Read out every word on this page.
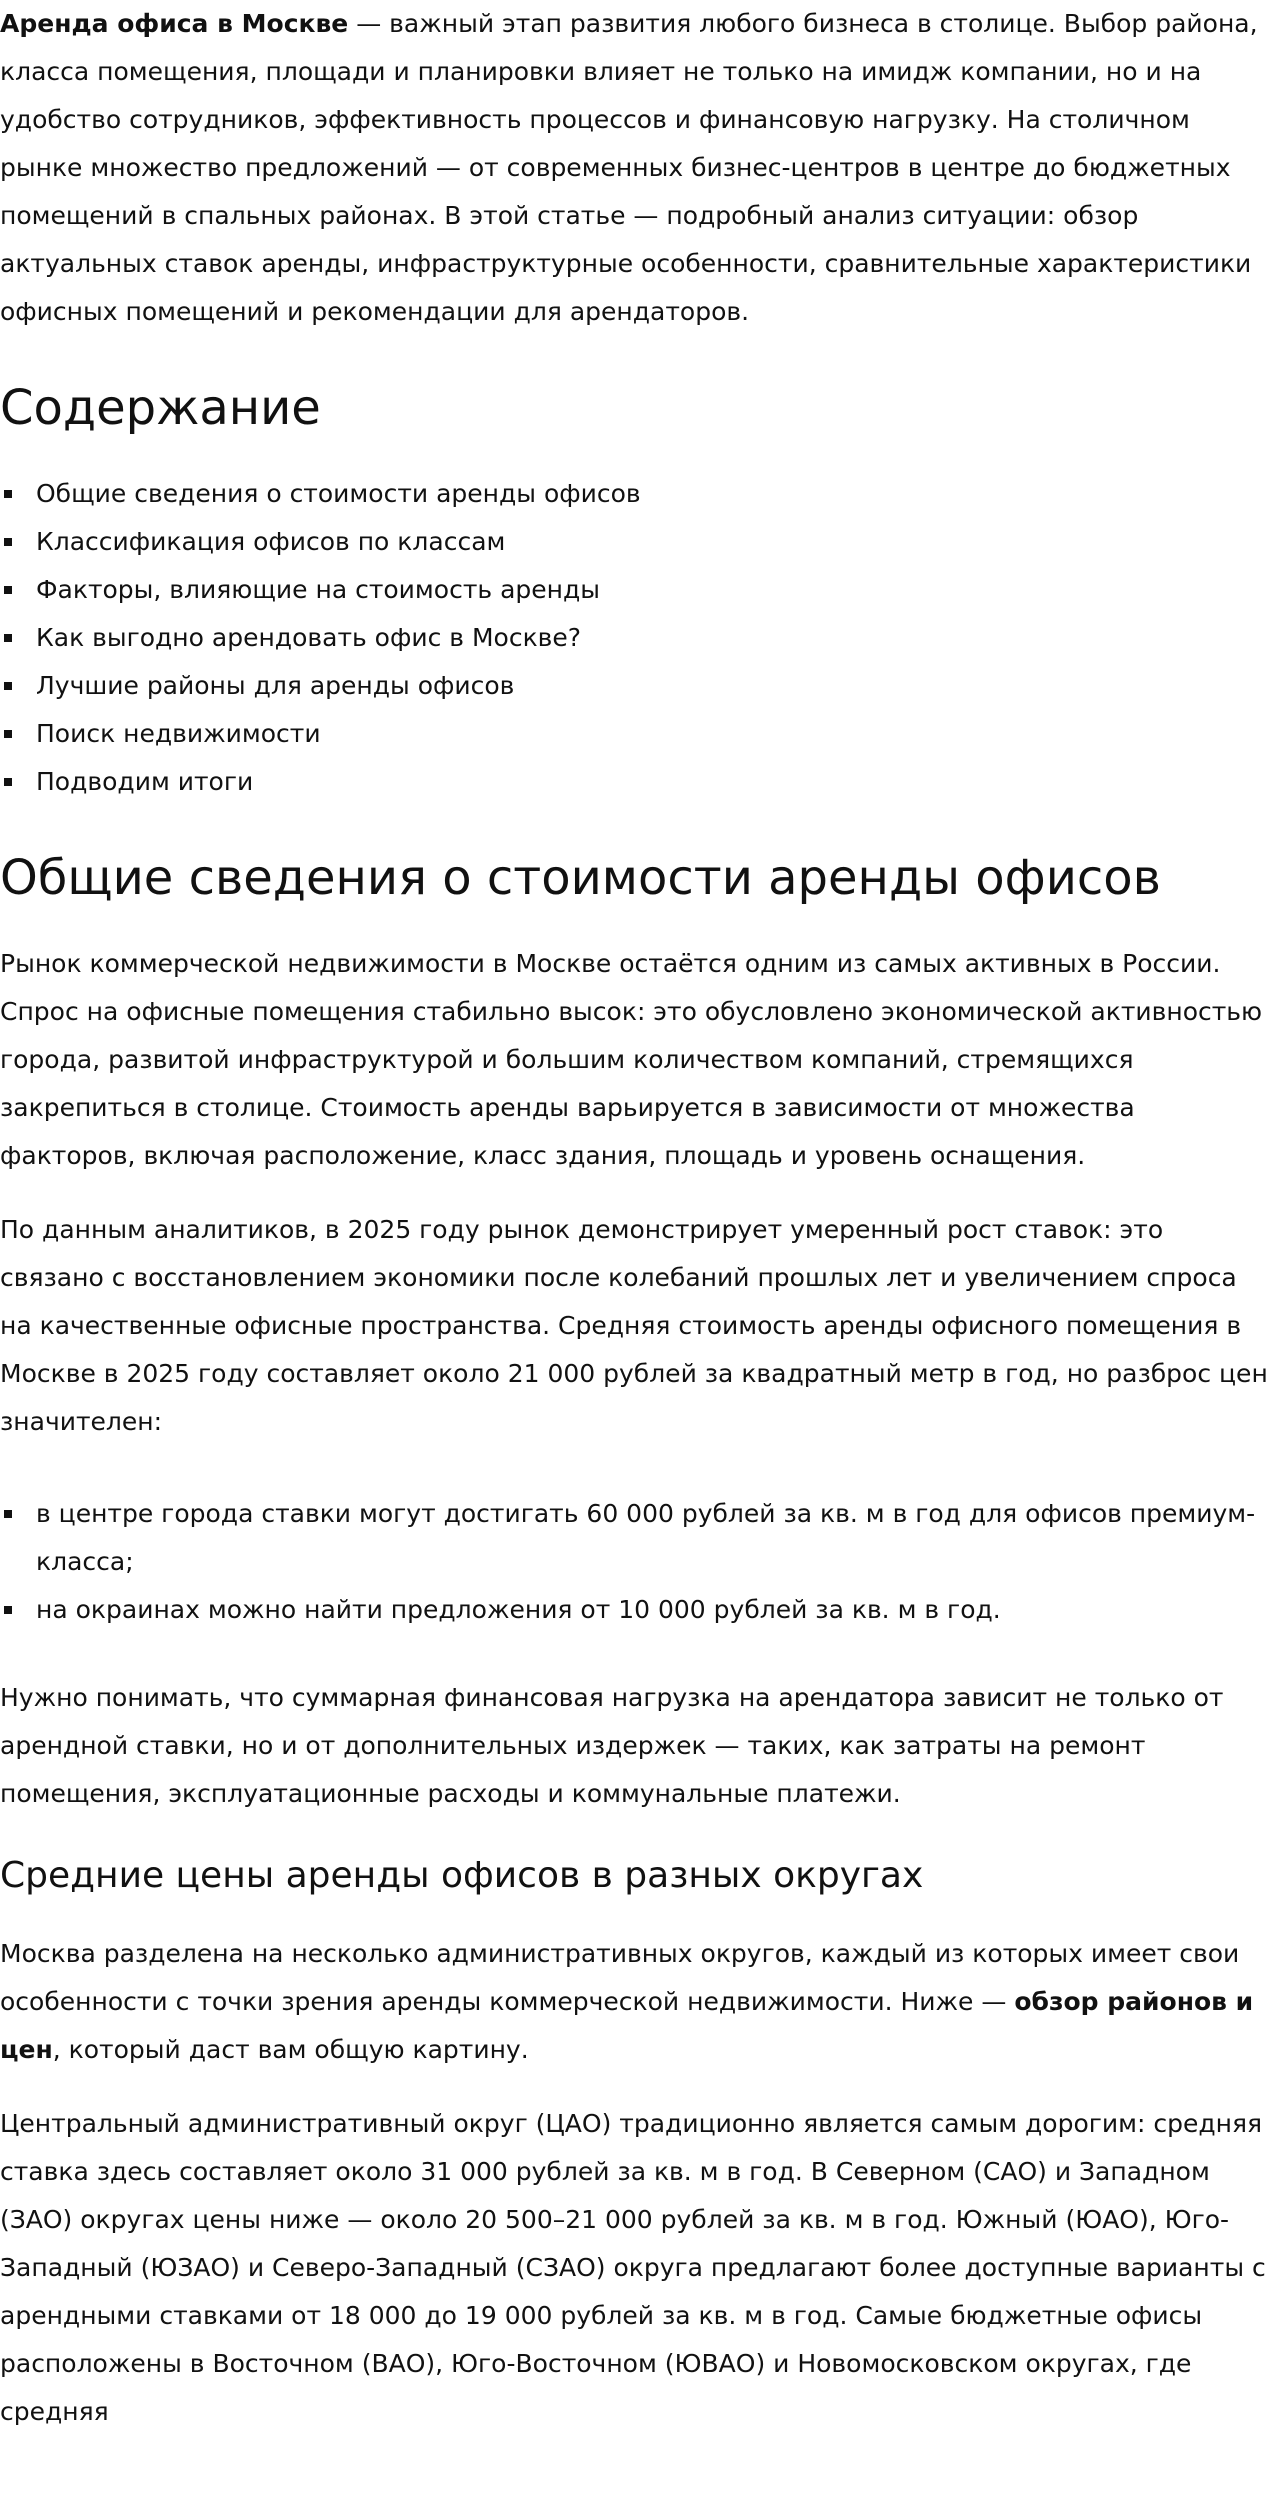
Аренда офиса в Москве — важный этап развития любого бизнеса в столице. Выбор района, класса помещения, площади и планировки влияет не только на имидж компании, но и на удобство сотрудников, эффективность процессов и финансовую нагрузку. На столичном рынке множество предложений — от современных бизнес-центров в центре до бюджетных помещений в спальных районах. В этой статье — подробный анализ ситуации: обзор актуальных ставок аренды, инфраструктурные особенности, сравнительные характеристики офисных помещений и рекомендации для арендаторов.

Содержание
Общие сведения о стоимости аренды офисов
Классификация офисов по классам
Факторы, влияющие на стоимость аренды
Как выгодно арендовать офис в Москве?
Лучшие районы для аренды офисов
Поиск недвижимости
Подводим итоги
Общие сведения о стоимости аренды офисов

Рынок коммерческой недвижимости в Москве остаётся одним из самых активных в России. Спрос на офисные помещения стабильно высок: это обусловлено экономической активностью города, развитой инфраструктурой и большим количеством компаний, стремящихся закрепиться в столице. Стоимость аренды варьируется в зависимости от множества факторов, включая расположение, класс здания, площадь и уровень оснащения.

По данным аналитиков, в 2025 году рынок демонстрирует умеренный рост ставок: это связано с восстановлением экономики после колебаний прошлых лет и увеличением спроса на качественные офисные пространства. Средняя стоимость аренды офисного помещения в Москве в 2025 году составляет около 21 000 рублей за квадратный метр в год, но разброс цен значителен:

в центре города ставки могут достигать 60 000 рублей за кв. м в год для офисов премиум-класса;
на окраинах можно найти предложения от 10 000 рублей за кв. м в год.

Нужно понимать, что суммарная финансовая нагрузка на арендатора зависит не только от арендной ставки, но и от дополнительных издержек — таких, как затраты на ремонт помещения, эксплуатационные расходы и коммунальные платежи.

Средние цены аренды офисов в разных округах

Москва разделена на несколько административных округов, каждый из которых имеет свои особенности с точки зрения аренды коммерческой недвижимости. Ниже — обзор районов и цен, который даст вам общую картину.

Центральный административный округ (ЦАО) традиционно является самым дорогим: средняя ставка здесь составляет около 31 000 рублей за кв. м в год. В Северном (САО) и Западном (ЗАО) округах цены ниже — около 20 500–21 000 рублей за кв. м в год. Южный (ЮАО), Юго-Западный (ЮЗАО) и Северо-Западный (СЗАО) округа предлагают более доступные варианты с арендными ставками от 18 000 до 19 000 рублей за кв. м в год. Самые бюджетные офисы расположены в Восточном (ВАО), Юго-Восточном (ЮВАО) и Новомосковском округах, где средняя
